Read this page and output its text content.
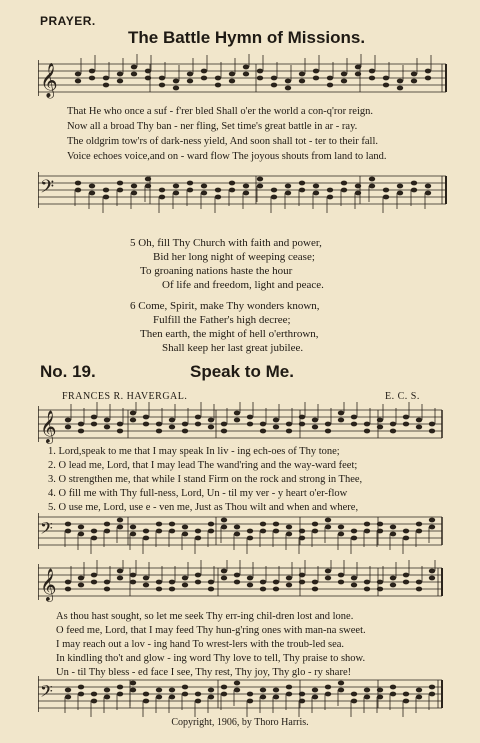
PRAYER.
The Battle Hymn of Missions.
𝄞
That He who once a suf - f'rer bled Shall o'er the world a con-q'ror reign.
Now all a broad Thy ban - ner fling, Set time's great battle in ar - ray.
The oldgrim tow'rs of dark-ness yield, And soon shall tot - ter to their fall.
Voice echoes voice,and on - ward flow The joyous shouts from land to land.
𝄢
5 Oh, fill Thy Church with faith and power,
Bid her long night of weeping cease;
To groaning nations haste the hour
Of life and freedom, light and peace.
6 Come, Spirit, make Thy wonders known,
Fulfill the Father's high decree;
Then earth, the might of hell o'erthrown,
Shall keep her last great jubilee.
No. 19.	Speak to Me.
FRANCES R. HAVERGAL.	E. C. S.
𝄞
1. Lord,speak to me that I may speak In liv - ing ech-oes of Thy tone;
2. O lead me, Lord, that I may lead The wand'ring and the way-ward feet;
3. O strengthen me, that while I stand Firm on the rock and strong in Thee,
4. O fill me with Thy full-ness, Lord, Un - til my ver - y heart o'er-flow
5. O use me, Lord, use e - ven me, Just as Thou wilt and when and where,
𝄢
𝄞
As thou hast sought, so let me seek Thy err-ing chil-dren lost and lone.
O feed me, Lord, that I may feed Thy hun-g'ring ones with man-na sweet.
I may reach out a lov - ing hand To wrest-lers with the troub-led sea.
In kindling tho't and glow - ing word Thy love to tell, Thy praise to show.
Un - til Thy bless - ed face I see, Thy rest, Thy joy, Thy glo - ry share!
𝄢
Copyright, 1906, by Thoro Harris.
